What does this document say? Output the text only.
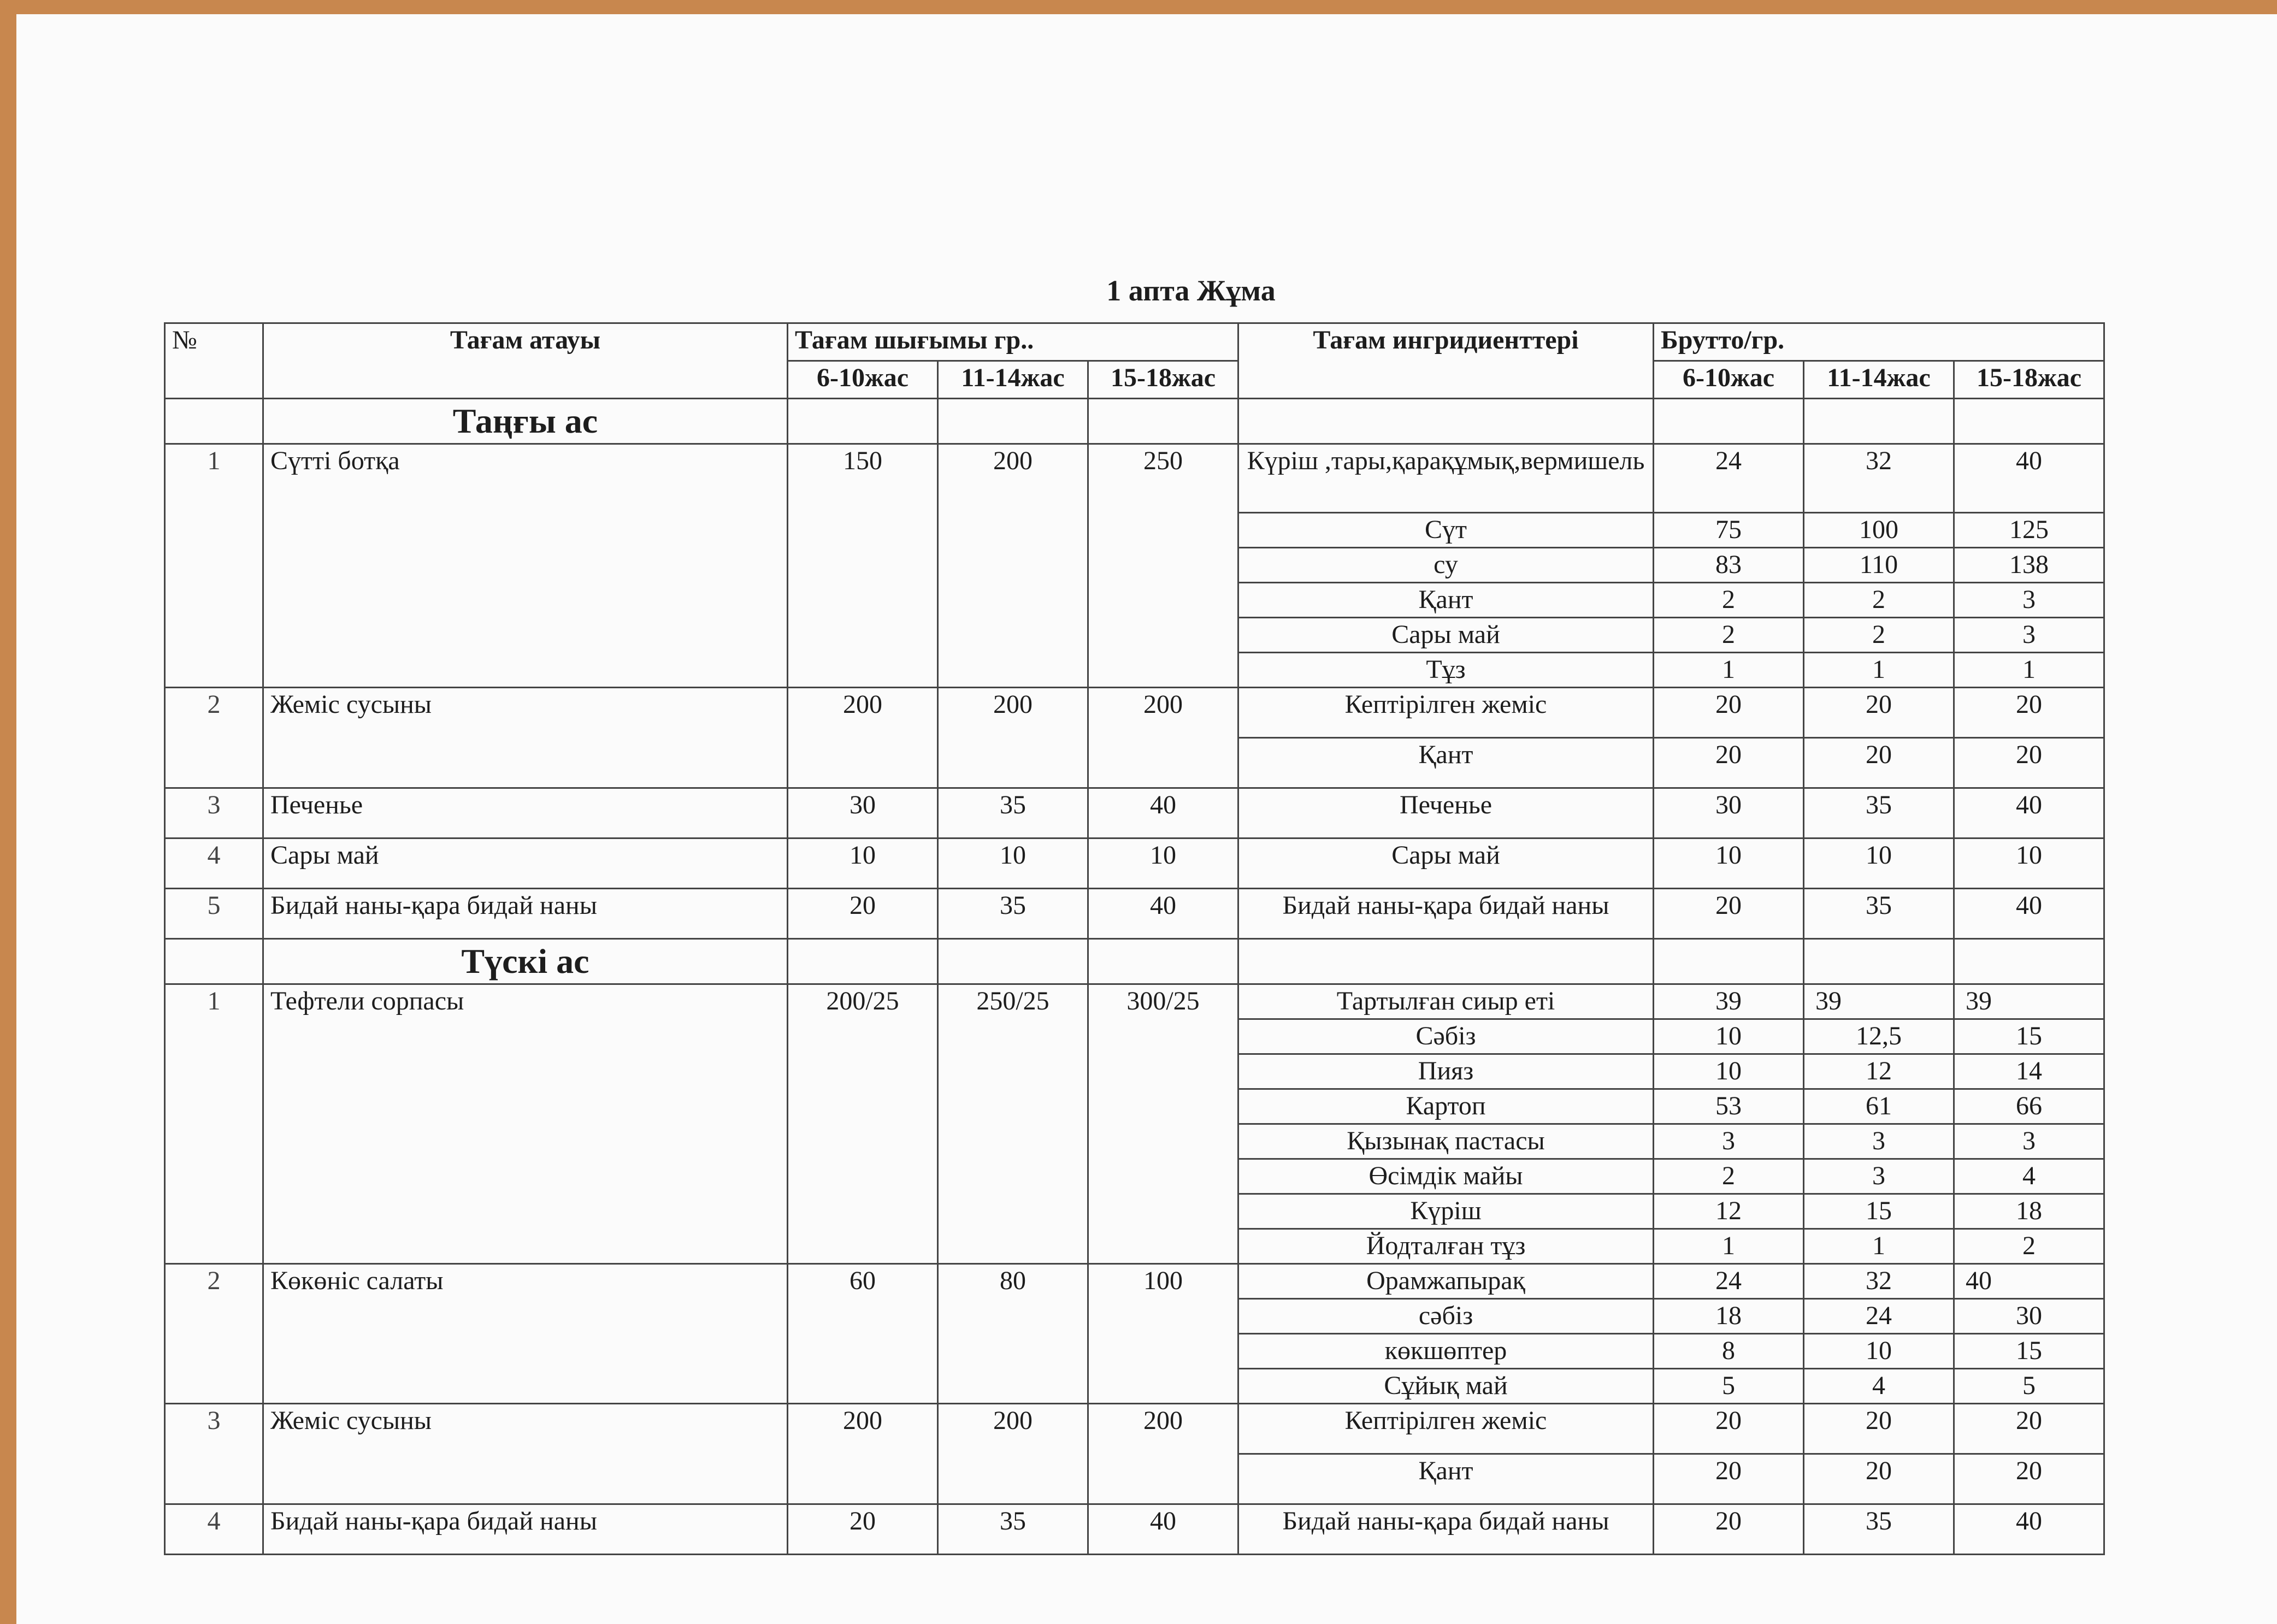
1 апта Жұма
№	Тағам атауы	Тағам шығымы гр..			Тағам ингридиенттері	Брутто/гр.		
		6-10жас	11-14жас	15-18жас		6-10жас	11-14жас	15-18жас
	Таңғы ас							
1	Сүтті ботқа	150	200	250	Күріш ,тары,қарақұмық,вермишель	24	32	40
					Сүт	75	100	125
					су	83	110	138
					Қант	2	2	3
					Сары май	2	2	3
					Тұз	1	1	1
2	Жеміс сусыны	200	200	200	Кептірілген жеміс	20	20	20
					Қант	20	20	20
3	Печенье	30	35	40	Печенье	30	35	40
4	Сары май	10	10	10	Сары май	10	10	10
5	Бидай наны-қара бидай наны	20	35	40	Бидай наны-қара бидай наны	20	35	40
	Түскі ас							
1	Тефтели сорпасы	200/25	250/25	300/25	Тартылған сиыр еті	39	39	39
					Сәбіз	10	12,5	15
					Пияз	10	12	14
					Картоп	53	61	66
					Қызынақ пастасы	3	3	3
					Өсімдік майы	2	3	4
					Күріш	12	15	18
					Йодталған тұз	1	1	2
2	Көкөніс салаты	60	80	100	Орамжапырақ	24	32	40
					сәбіз	18	24	30
					көкшөптер	8	10	15
					Сұйық май	5	4	5
3	Жеміс сусыны	200	200	200	Кептірілген жеміс	20	20	20
					Қант	20	20	20
4	Бидай наны-қара бидай наны	20	35	40	Бидай наны-қара бидай наны	20	35	40
